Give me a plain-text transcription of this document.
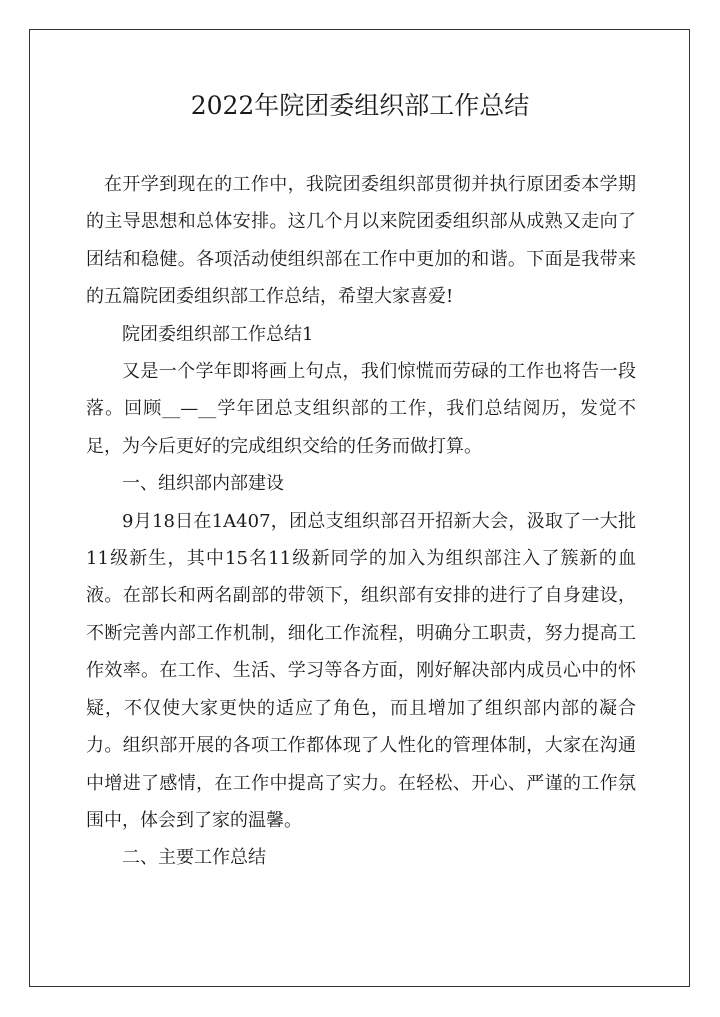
2022年院团委组织部工作总结

在开学到现在的工作中，我院团委组织部贯彻并执行原团委本学期的主导思想和总体安排。这几个月以来院团委组织部从成熟又走向了团结和稳健。各项活动使组织部在工作中更加的和谐。下面是我带来的五篇院团委组织部工作总结，希望大家喜爱!

院团委组织部工作总结1

又是一个学年即将画上句点，我们惊慌而劳碌的工作也将告一段落。回顾__—__学年团总支组织部的工作，我们总结阅历，发觉不足，为今后更好的完成组织交给的任务而做打算。

一、组织部内部建设

9月18日在1A407，团总支组织部召开招新大会，汲取了一大批11级新生，其中15名11级新同学的加入为组织部注入了簇新的血液。在部长和两名副部的带领下，组织部有安排的进行了自身建设，不断完善内部工作机制，细化工作流程，明确分工职责，努力提高工作效率。在工作、生活、学习等各方面，刚好解决部内成员心中的怀疑，不仅使大家更快的适应了角色，而且增加了组织部内部的凝合力。组织部开展的各项工作都体现了人性化的管理体制，大家在沟通中增进了感情，在工作中提高了实力。在轻松、开心、严谨的工作氛围中，体会到了家的温馨。

二、主要工作总结
